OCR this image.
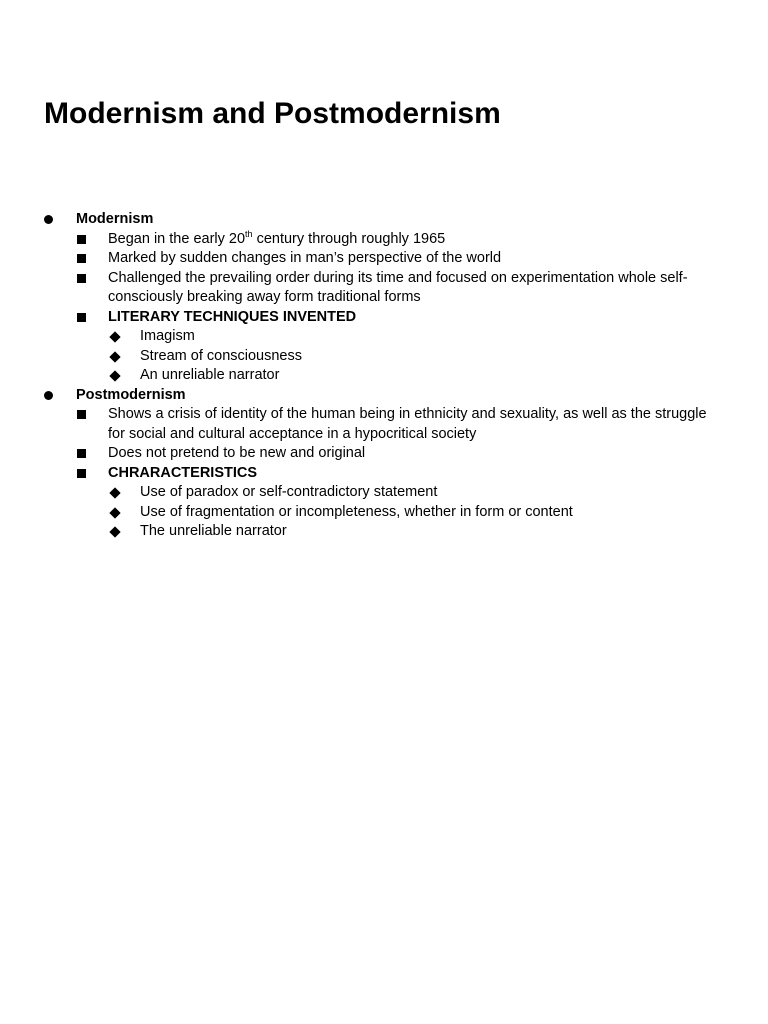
Modernism and Postmodernism
Modernism
Began in the early 20th century through roughly 1965
Marked by sudden changes in man’s perspective of the world
Challenged the prevailing order during its time and focused on experimentation whole self-consciously breaking away form traditional forms
LITERARY TECHNIQUES INVENTED
Imagism
Stream of consciousness
An unreliable narrator
Postmodernism
Shows a crisis of identity of the human being in ethnicity and sexuality, as well as the struggle for social and cultural acceptance in a hypocritical society
Does not pretend to be new and original
CHRARACTERISTICS
Use of paradox or self-contradictory statement
Use of fragmentation or incompleteness, whether in form or content
The unreliable narrator
